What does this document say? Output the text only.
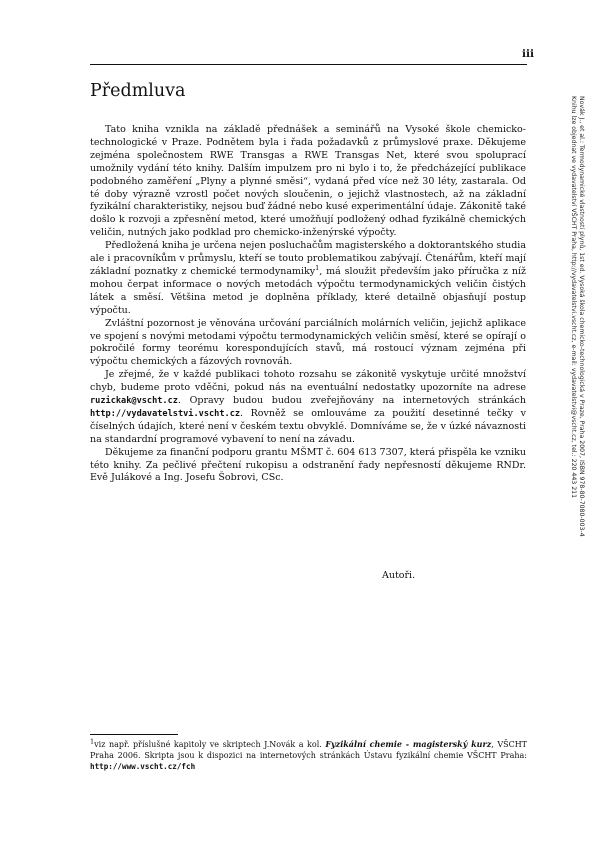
iii
Předmluva

Tato kniha vznikla na základě přednášek a seminářů na Vysoké škole chemicko-technologické v Praze. Podnětem byla i řada požadavků z průmyslové praxe. Děkujeme zejména společnostem RWE Transgas a RWE Transgas Net, které svou spoluprací umožnily vydání této knihy. Dalším impulzem pro ni bylo i to, že předcházející publikace podobného zaměření „Plyny a plynné směsi“, vydaná před více než 30 léty, zastarala. Od té doby výrazně vzrostl počet nových sloučenin, o jejichž vlastnostech, až na základní fyzikální charakteristiky, nejsou buď žádné nebo kusé experimentální údaje. Zákonitě také došlo k rozvoji a zpřesnění metod, které umožňují podložený odhad fyzikálně chemických veličin, nutných jako podklad pro chemicko-inženýrské výpočty.

Předložená kniha je určena nejen posluchačům magisterského a doktorantského studia ale i pracovníkům v průmyslu, kteří se touto problematikou zabývají. Čtenářům, kteří mají základní poznatky z chemické termodynamiky$^1$, má sloužit především jako příručka z níž mohou čerpat informace o nových metodách výpočtu termodynamických veličin čistých látek a směsí. Většina metod je doplněna příklady, které detailně objasňují postup výpočtu.

Zvláštní pozornost je věnována určování parciálních molárních veličin, jejichž aplikace ve spojení s novými metodami výpočtu termodynamických veličin směsí, které se opírají o pokročilé formy teorému korespondujících stavů, má rostoucí význam zejména při výpočtu chemických a fázových rovnováh.

Je zřejmé, že v každé publikaci tohoto rozsahu se zákonitě vyskytuje určité množství chyb, budeme proto vděčni, pokud nás na eventuální nedostatky upozorníte na adrese ruzickak@vscht.cz. Opravy budou budou zveřejňovány na internetových stránkách http://vydavatelstvi.vscht.cz. Rovněž se omlouváme za použití desetinné tečky v číselných údajích, které není v českém textu obvyklé. Domníváme se, že v úzké návaznosti na standardní programové vybavení to není na závadu.

Děkujeme za finanční podporu grantu MŠMT č. 604 613 7307, která přispěla ke vzniku této knihy. Za pečlivé přečtení rukopisu a odstranění řady nepřesností děkujeme RNDr. Evě Julákové a Ing. Josefu Šobrovi, CSc.

Autoři.
$^1$viz např. příslušné kapitoly ve skriptech J.Novák a kol. Fyzikální chemie - magisterský kurz, VŠCHT Praha 2006. Skripta jsou k dispozici na internetových stránkách Ústavu fyzikální chemie VŠCHT Praha: http://www.vscht.cz/fch
Novák J., et al.: Termodynamické vlastnosti plynů, 1st ed. Vysoká škola chemicko-technologická v Praze, Praha 2007, ISBN 978-80-7080-003-4
Knihu lze objednat ve vydavatelství VŠCHT Praha, http://vydavatelstvi.vscht.cz, e-mail: vydavatelstvi@vscht.cz, tel.: 220 443 211
